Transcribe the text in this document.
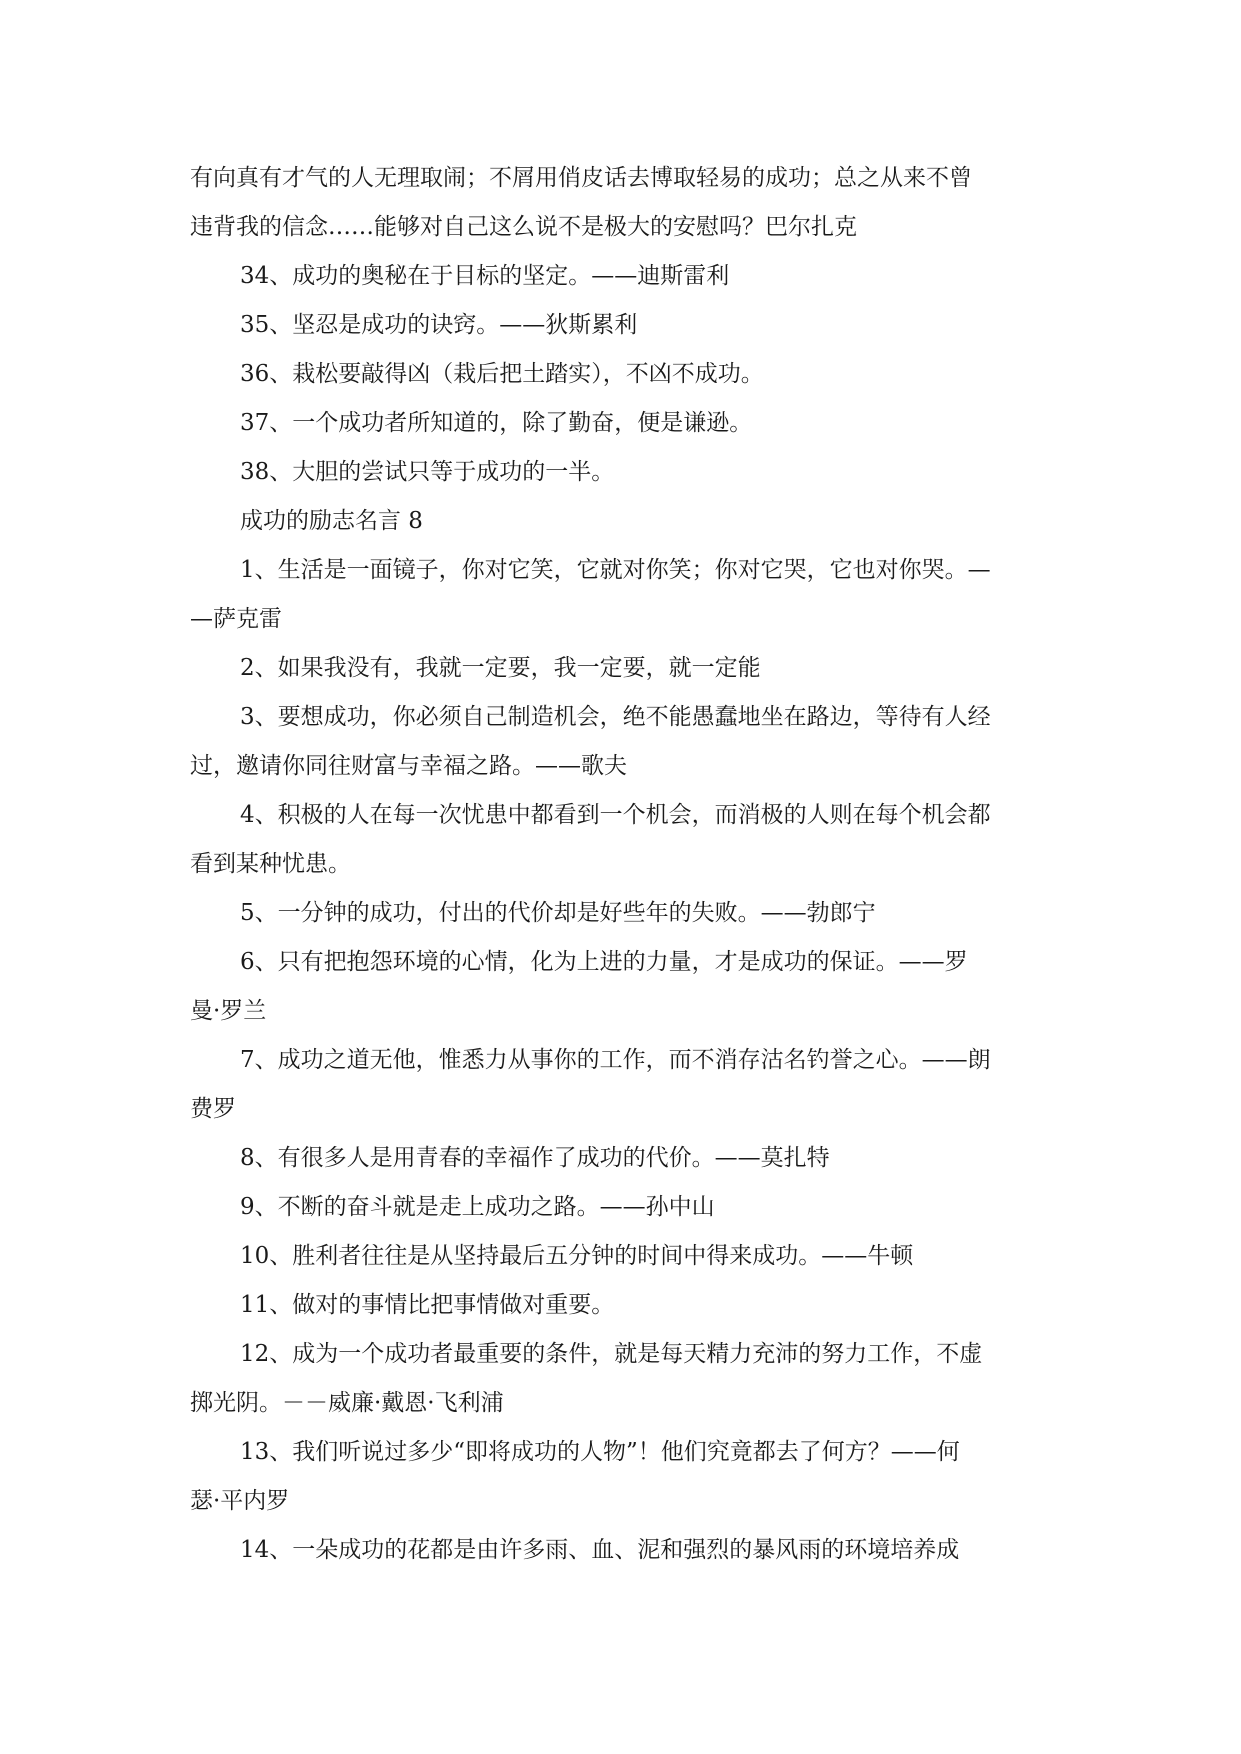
有向真有才气的人无理取闹；不屑用俏皮话去博取轻易的成功；总之从来不曾

违背我的信念……能够对自己这么说不是极大的安慰吗？巴尔扎克

34、成功的奥秘在于目标的坚定。——迪斯雷利

35、坚忍是成功的诀窍。——狄斯累利

36、栽松要敲得凶（栽后把土踏实），不凶不成功。

37、一个成功者所知道的，除了勤奋，便是谦逊。

38、大胆的尝试只等于成功的一半。

成功的励志名言 8

1、生活是一面镜子，你对它笑，它就对你笑；你对它哭，它也对你哭。—

—萨克雷

2、如果我没有，我就一定要，我一定要，就一定能

3、要想成功，你必须自己制造机会，绝不能愚蠢地坐在路边，等待有人经

过，邀请你同往财富与幸福之路。——歌夫

4、积极的人在每一次忧患中都看到一个机会，而消极的人则在每个机会都

看到某种忧患。

5、一分钟的成功，付出的代价却是好些年的失败。——勃郎宁

6、只有把抱怨环境的心情，化为上进的力量，才是成功的保证。——罗

曼·罗兰

7、成功之道无他，惟悉力从事你的工作，而不消存沽名钓誉之心。——朗

费罗

8、有很多人是用青春的幸福作了成功的代价。——莫扎特

9、不断的奋斗就是走上成功之路。——孙中山

10、胜利者往往是从坚持最后五分钟的时间中得来成功。——牛顿

11、做对的事情比把事情做对重要。

12、成为一个成功者最重要的条件，就是每天精力充沛的努力工作，不虚

掷光阴。－－威廉·戴恩·飞利浦

13、我们听说过多少“即将成功的人物”！他们究竟都去了何方？——何

瑟·平内罗

14、一朵成功的花都是由许多雨、血、泥和强烈的暴风雨的环境培养成
